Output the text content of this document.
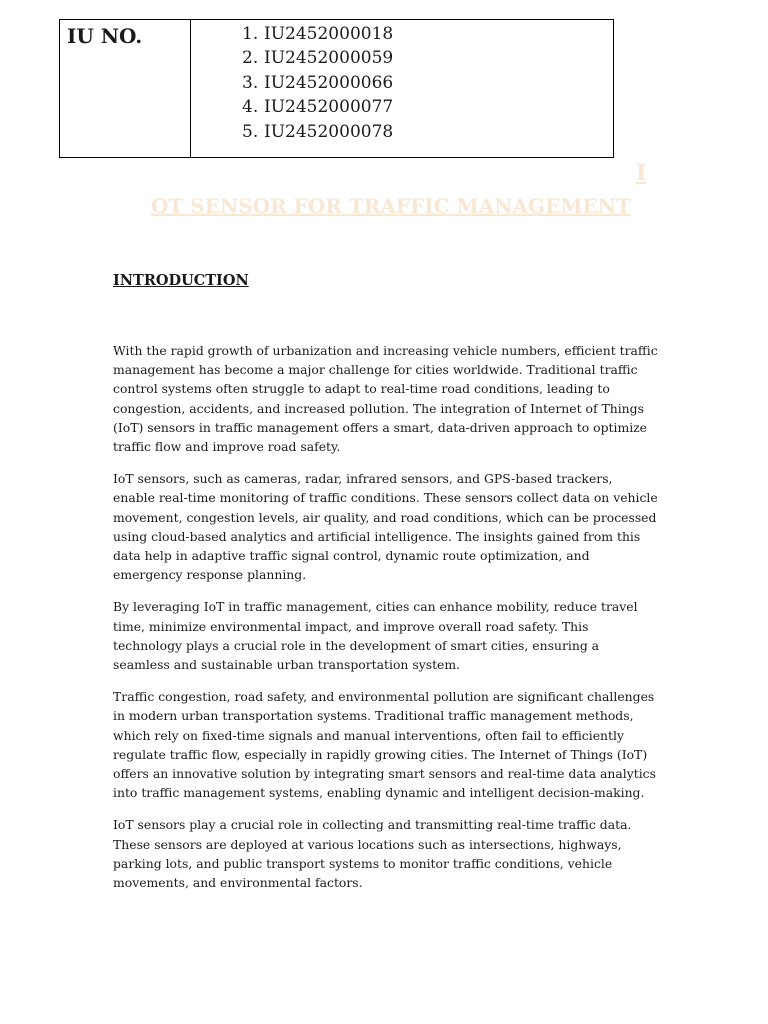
IU NO.	1. IU2452000018
2. IU2452000059
3. IU2452000066
4. IU2452000077
5. IU2452000078
I
OT SENSOR FOR TRAFFIC MANAGEMENT
INTRODUCTION

With the rapid growth of urbanization and increasing vehicle numbers, efficient traffic management has become a major challenge for cities worldwide. Traditional traffic control systems often struggle to adapt to real-time road conditions, leading to congestion, accidents, and increased pollution. The integration of Internet of Things (IoT) sensors in traffic management offers a smart, data-driven approach to optimize traffic flow and improve road safety.

IoT sensors, such as cameras, radar, infrared sensors, and GPS-based trackers, enable real-time monitoring of traffic conditions. These sensors collect data on vehicle movement, congestion levels, air quality, and road conditions, which can be processed using cloud-based analytics and artificial intelligence. The insights gained from this data help in adaptive traffic signal control, dynamic route optimization, and emergency response planning.

By leveraging IoT in traffic management, cities can enhance mobility, reduce travel time, minimize environmental impact, and improve overall road safety. This technology plays a crucial role in the development of smart cities, ensuring a seamless and sustainable urban transportation system.

Traffic congestion, road safety, and environmental pollution are significant challenges in modern urban transportation systems. Traditional traffic management methods, which rely on fixed-time signals and manual interventions, often fail to efficiently regulate traffic flow, especially in rapidly growing cities. The Internet of Things (IoT) offers an innovative solution by integrating smart sensors and real-time data analytics into traffic management systems, enabling dynamic and intelligent decision-making.

IoT sensors play a crucial role in collecting and transmitting real-time traffic data. These sensors are deployed at various locations such as intersections, highways, parking lots, and public transport systems to monitor traffic conditions, vehicle movements, and environmental factors.
